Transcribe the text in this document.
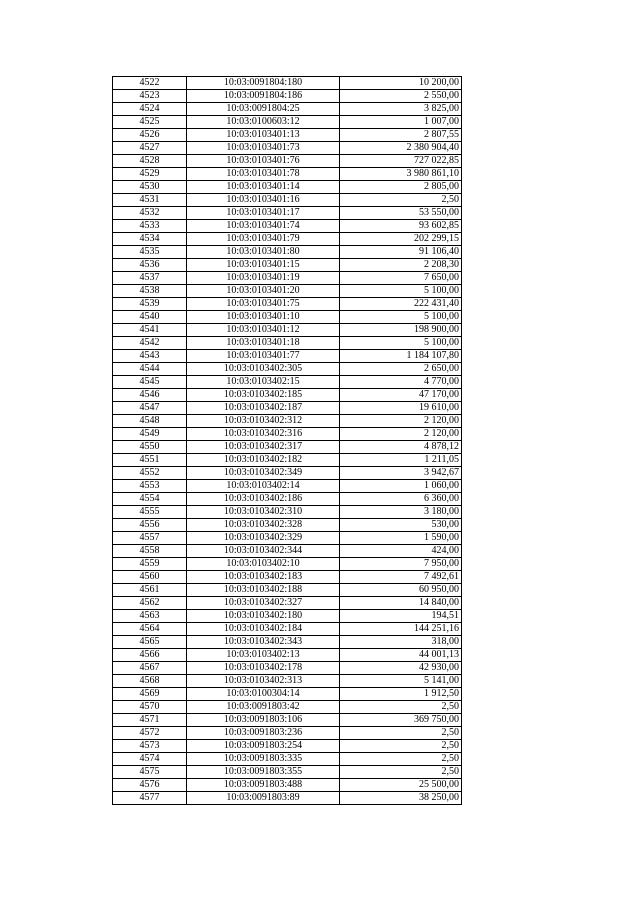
4522	10:03:0091804:180	10 200,00
4523	10:03:0091804:186	2 550,00
4524	10:03:0091804:25	3 825,00
4525	10:03:0100603:12	1 007,00
4526	10:03:0103401:13	2 807,55
4527	10:03:0103401:73	2 380 904,40
4528	10:03:0103401:76	727 022,85
4529	10:03:0103401:78	3 980 861,10
4530	10:03:0103401:14	2 805,00
4531	10:03:0103401:16	2,50
4532	10:03:0103401:17	53 550,00
4533	10:03:0103401:74	93 602,85
4534	10:03:0103401:79	202 299,15
4535	10:03:0103401:80	91 106,40
4536	10:03:0103401:15	2 208,30
4537	10:03:0103401:19	7 650,00
4538	10:03:0103401:20	5 100,00
4539	10:03:0103401:75	222 431,40
4540	10:03:0103401:10	5 100,00
4541	10:03:0103401:12	198 900,00
4542	10:03:0103401:18	5 100,00
4543	10:03:0103401:77	1 184 107,80
4544	10:03:0103402:305	2 650,00
4545	10:03:0103402:15	4 770,00
4546	10:03:0103402:185	47 170,00
4547	10:03:0103402:187	19 610,00
4548	10:03:0103402:312	2 120,00
4549	10:03:0103402:316	2 120,00
4550	10:03:0103402:317	4 878,12
4551	10:03:0103402:182	1 211,05
4552	10:03:0103402:349	3 942,67
4553	10:03:0103402:14	1 060,00
4554	10:03:0103402:186	6 360,00
4555	10:03:0103402:310	3 180,00
4556	10:03:0103402:328	530,00
4557	10:03:0103402:329	1 590,00
4558	10:03:0103402:344	424,00
4559	10:03:0103402:10	7 950,00
4560	10:03:0103402:183	7 492,61
4561	10:03:0103402:188	60 950,00
4562	10:03:0103402:327	14 840,00
4563	10:03:0103402:180	194,51
4564	10:03:0103402:184	144 251,16
4565	10:03:0103402:343	318,00
4566	10:03:0103402:13	44 001,13
4567	10:03:0103402:178	42 930,00
4568	10:03:0103402:313	5 141,00
4569	10:03:0100304:14	1 912,50
4570	10:03:0091803:42	2,50
4571	10:03:0091803:106	369 750,00
4572	10:03:0091803:236	2,50
4573	10:03:0091803:254	2,50
4574	10:03:0091803:335	2,50
4575	10:03:0091803:355	2,50
4576	10:03:0091803:488	25 500,00
4577	10:03:0091803:89	38 250,00
